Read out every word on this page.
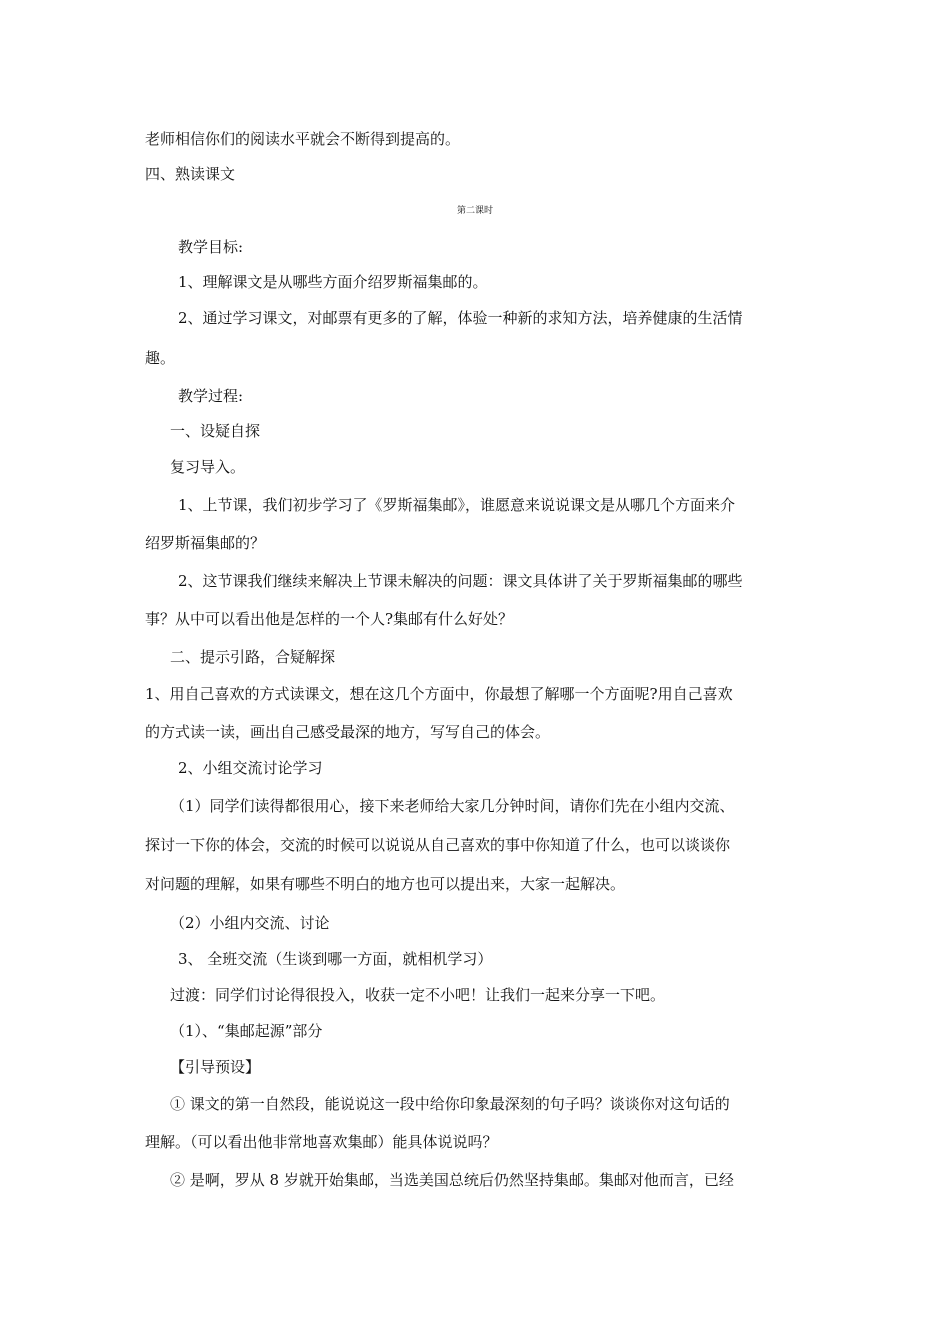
老师相信你们的阅读水平就会不断得到提高的。
四、熟读课文
第二课时
教学目标:
1、理解课文是从哪些方面介绍罗斯福集邮的。
2、通过学习课文，对邮票有更多的了解，体验一种新的求知方法，培养健康的生活情
趣。
教学过程:
一、设疑自探
复习导入。
1、上节课，我们初步学习了《罗斯福集邮》，谁愿意来说说课文是从哪几个方面来介
绍罗斯福集邮的？
2、这节课我们继续来解决上节课未解决的问题：课文具体讲了关于罗斯福集邮的哪些
事？从中可以看出他是怎样的一个人?集邮有什么好处？
二、提示引路，合疑解探
1、用自己喜欢的方式读课文，想在这几个方面中，你最想了解哪一个方面呢?用自己喜欢
的方式读一读，画出自己感受最深的地方，写写自己的体会。
2、小组交流讨论学习
（1）同学们读得都很用心，接下来老师给大家几分钟时间，请你们先在小组内交流、
探讨一下你的体会，交流的时候可以说说从自己喜欢的事中你知道了什么，也可以谈谈你
对问题的理解，如果有哪些不明白的地方也可以提出来，大家一起解决。
（2）小组内交流、讨论
3、 全班交流（生谈到哪一方面，就相机学习）
过渡：同学们讨论得很投入，收获一定不小吧！让我们一起来分享一下吧。
（1）、“集邮起源”部分
【引导预设】
① 课文的第一自然段，能说说这一段中给你印象最深刻的句子吗？谈谈你对这句话的
理解。（可以看出他非常地喜欢集邮）能具体说说吗？
② 是啊，罗从 8 岁就开始集邮，当选美国总统后仍然坚持集邮。集邮对他而言，已经
